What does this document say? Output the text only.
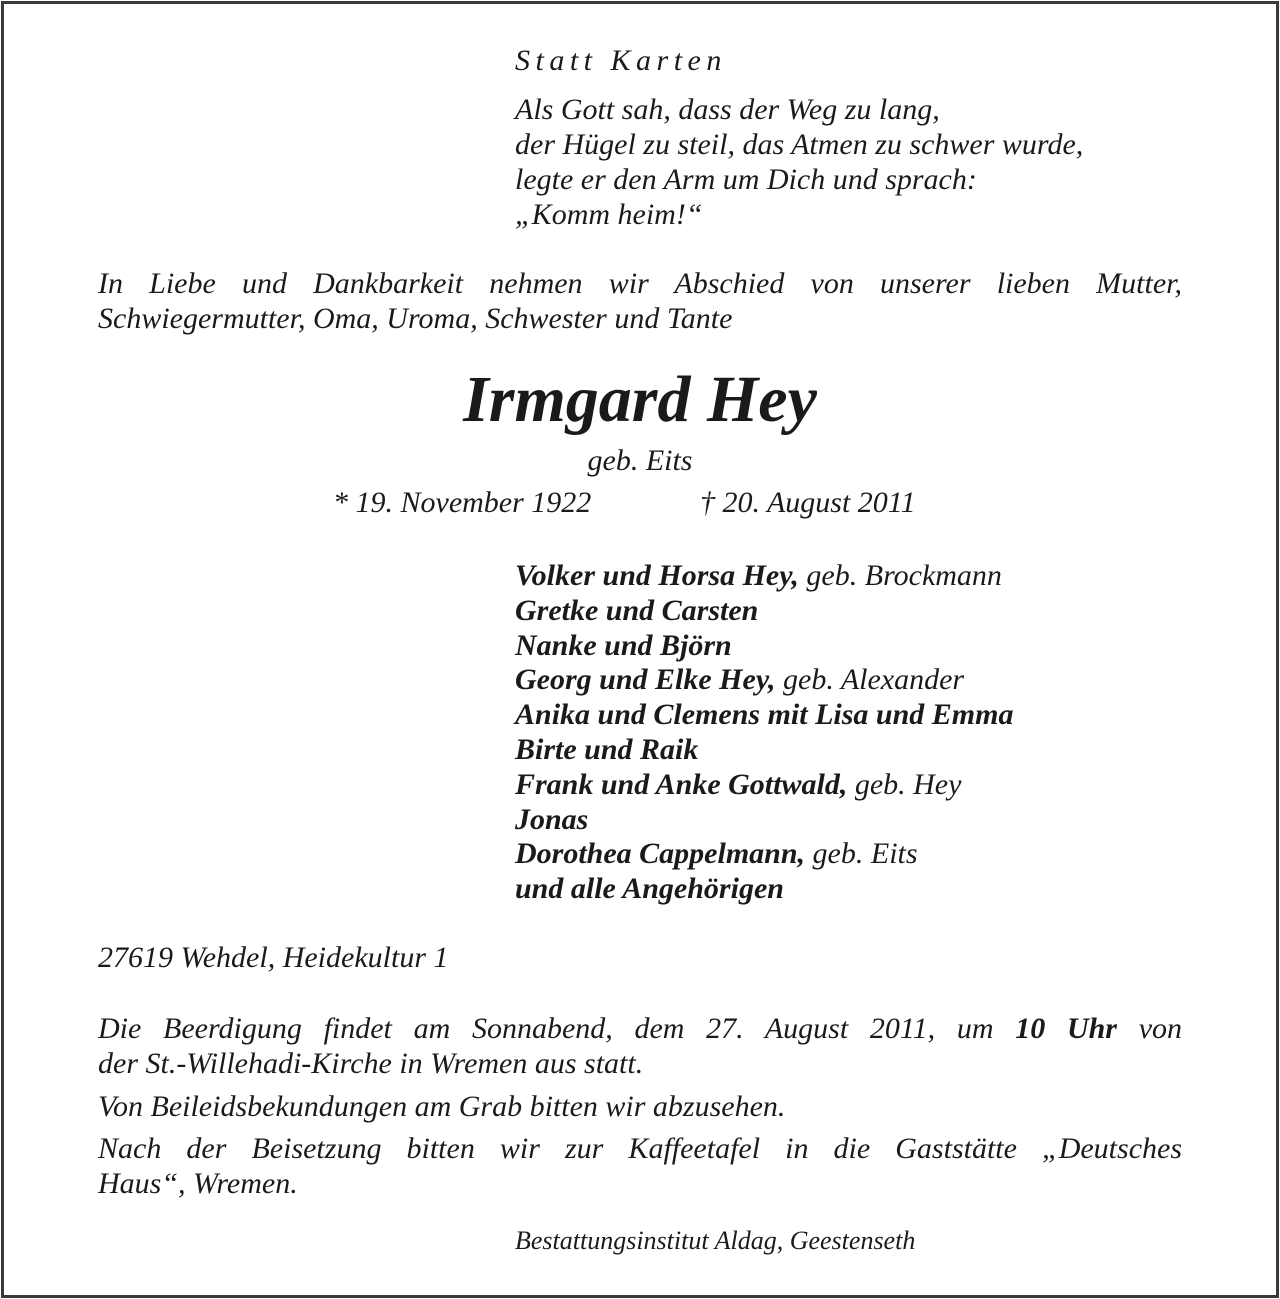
Statt Karten
Als Gott sah, dass der Weg zu lang,
der Hügel zu steil, das Atmen zu schwer wurde,
legte er den Arm um Dich und sprach:
„Komm heim!“
In Liebe und Dankbarkeit nehmen wir Abschied von unserer lieben Mutter,
Schwiegermutter, Oma, Uroma, Schwester und Tante
Irmgard Hey
geb. Eits
* 19. November 1922	† 20. August 2011
Volker und Horsa Hey, geb. Brockmann
Gretke und Carsten
Nanke und Björn
Georg und Elke Hey, geb. Alexander
Anika und Clemens mit Lisa und Emma
Birte und Raik
Frank und Anke Gottwald, geb. Hey
Jonas
Dorothea Cappelmann, geb. Eits
und alle Angehörigen
27619 Wehdel, Heidekultur 1
Die Beerdigung findet am Sonnabend, dem 27. August 2011, um 10 Uhr von
der St.-Willehadi-Kirche in Wremen aus statt.
Von Beileidsbekundungen am Grab bitten wir abzusehen.
Nach der Beisetzung bitten wir zur Kaffeetafel in die Gaststätte „Deutsches
Haus“, Wremen.
Bestattungsinstitut Aldag, Geestenseth
